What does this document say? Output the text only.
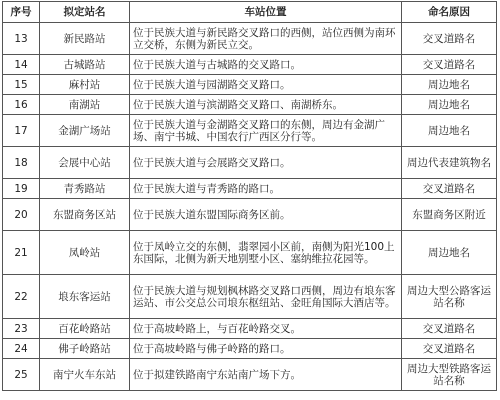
序号	拟定站名	车站位置	命名原因
13	新民路站	位于民族大道与新民路交叉路口的西侧，站位西侧为南环立交桥，东侧为新民立交。	交叉道路名
14	古城路站	位于民族大道与古城路的交叉路口。	交叉道路名
15	麻村站	位于民族大道与园湖路交叉路口。	周边地名
16	南湖站	位于民族大道与滨湖路交叉路口、南湖桥东。	周边地名
17	金湖广场站	位于民族大道与金湖路交叉路口的东侧，周边有金湖广场、南宁书城、中国农行广西区分行等。	周边地名
18	会展中心站	位于民族大道与会展路交叉路口。	周边代表建筑物名
19	青秀路站	位于民族大道与青秀路的路口。	交叉道路名
20	东盟商务区站	位于民族大道东盟国际商务区前。	东盟商务区附近
21	凤岭站	位于凤岭立交的东侧，翡翠园小区前，南侧为阳光100上东国际，北侧为新天地别墅小区、塞纳维拉花园等。	周边地名
22	埌东客运站	位于民族大道与规划枫林路交叉路口西侧，周边有埌东客运站、市公交总公司埌东枢纽站、金旺角国际大酒店等。	周边大型公路客运站名称
23	百花岭路站	位于高坡岭路上，与百花岭路交叉。	交叉道路名
24	佛子岭路站	位于高坡岭路与佛子岭路的路口。	交叉道路名
25	南宁火车东站	位于拟建铁路南宁东站南广场下方。	周边大型铁路客运站名称
